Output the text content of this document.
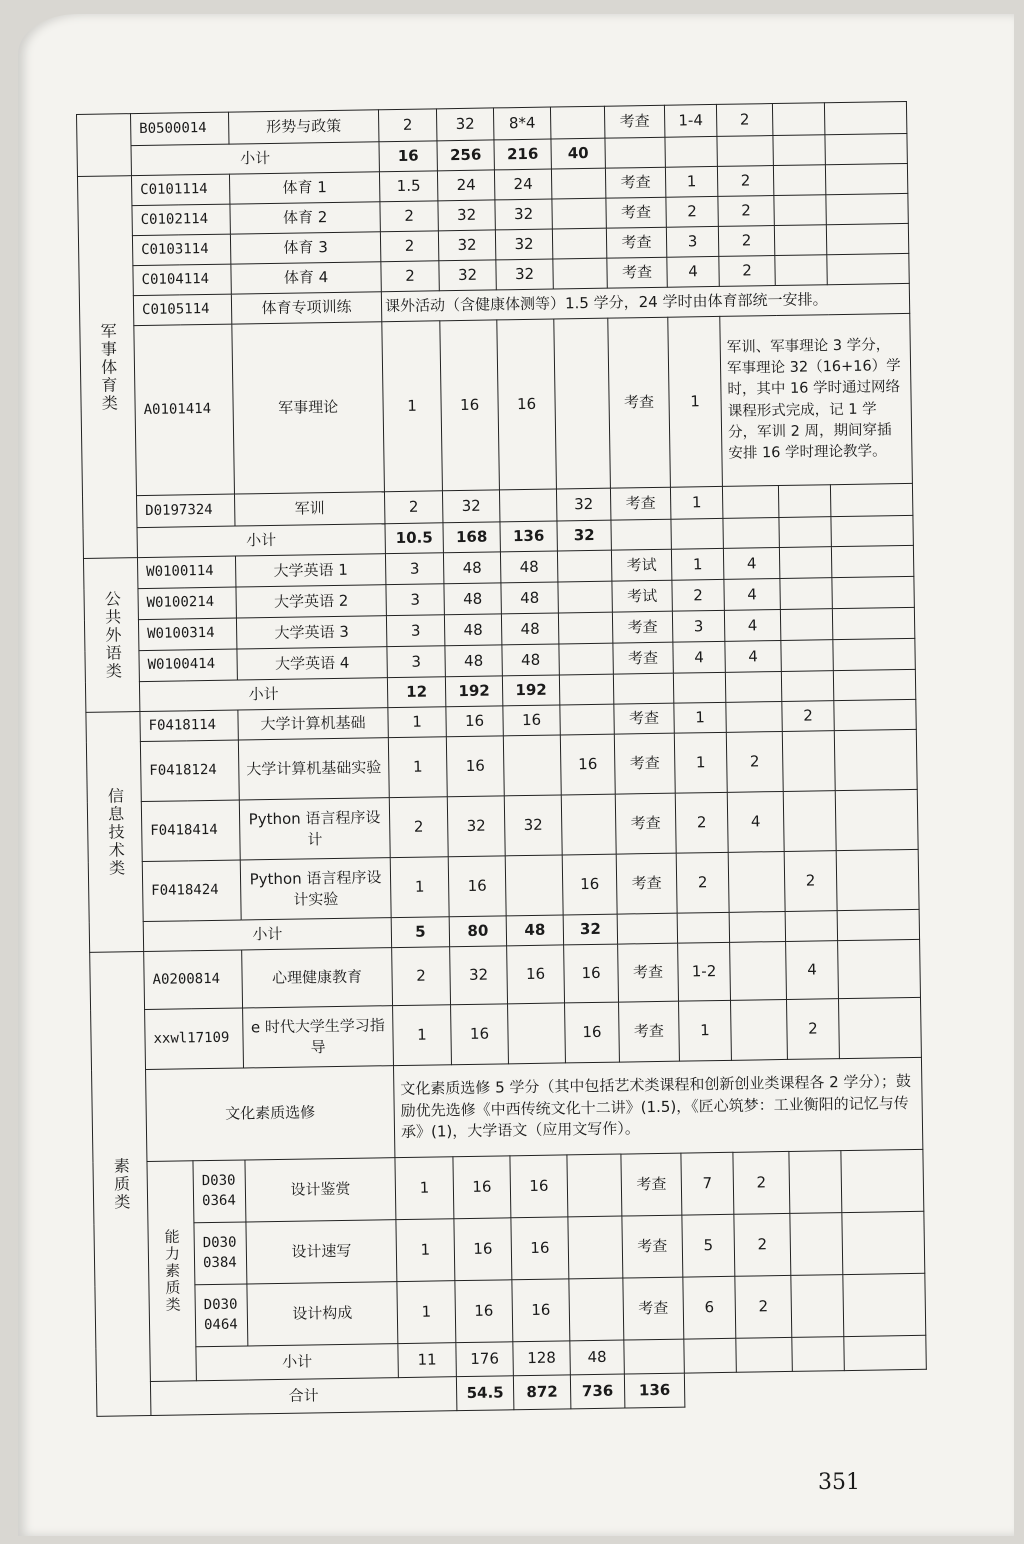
	B0500014		形势与政策	2	32	8*4		考查	1-4	2			
	小计			16	256	216	40						
军事体育类	C0101114		体育 1	1.5	24	24		考查	1	2			
	C0102114		体育 2	2	32	32		考查	2	2			
	C0103114		体育 3	2	32	32		考查	3	2			
	C0104114		体育 4	2	32	32		考查	4	2			
	C0105114		体育专项训练	课外活动（含健康体测等）1.5 学分，24 学时由体育部统一安排。									
	A0101414		军事理论	1	16	16		考查	1	军训、军事理论 3 学分，军事理论 32（16+16）学时，其中 16 学时通过网络课程形式完成，记 1 学分，军训 2 周，期间穿插安排 16 学时理论教学。			
	D0197324		军训	2	32		32	考查	1				
	小计			10.5	168	136	32						
公共外语类	W0100114		大学英语 1	3	48	48		考试	1	4			
	W0100214		大学英语 2	3	48	48		考试	2	4			
	W0100314		大学英语 3	3	48	48		考查	3	4			
	W0100414		大学英语 4	3	48	48		考查	4	4			
	小计			12	192	192							
信息技术类	F0418114		大学计算机基础	1	16	16		考查	1		2		
	F0418124		大学计算机基础实验	1	16		16	考查	1	2			
	F0418414		Python 语言程序设计	2	32	32		考查	2	4			
	F0418424		Python 语言程序设计实验	1	16		16	考查	2		2		
	小计			5	80	48	32						
素质类	A0200814		心理健康教育	2	32	16	16	考查	1-2		4		
	xxwl17109		e 时代大学生学习指导	1	16		16	考查	1		2		
	文化素质选修			文化素质选修 5 学分（其中包括艺术类课程和创新创业类课程各 2 学分）；鼓励优先选修《中西传统文化十二讲》(1.5)，《匠心筑梦：工业衡阳的记忆与传承》(1)，大学语文（应用文写作）。									
	能力素质类	D0300364	设计鉴赏	1	16	16		考查	7	2			
		D0300384	设计速写	1	16	16		考查	5	2			
		D0300464	设计构成	1	16	16		考查	6	2			
		小计		11	176	128	48						
	合计				54.5	872	736	136					
351
